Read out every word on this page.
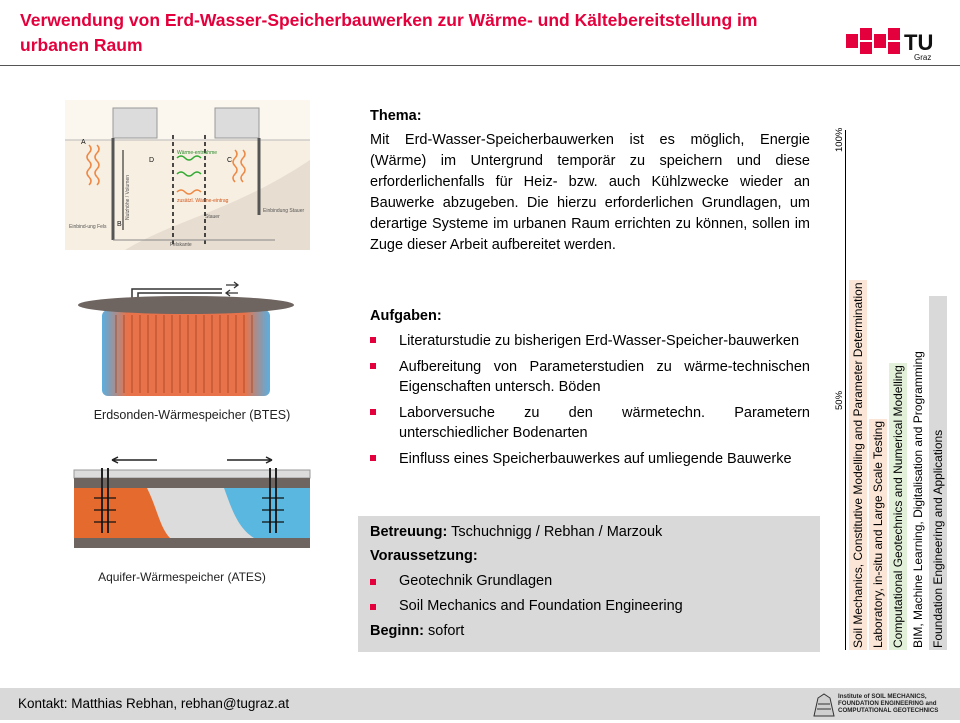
Verwendung von Erd-Wasser-Speicherbauwerken zur Wärme- und Kältebereitstellung im urbanen Raum	TU
Graz
A
B
C
D
Wärme-entnahme
zusätzl. Wärme-eintrag
Einbind-ung Fels
Einbindung Stauer
Stauer
Felskante
Nutzhöhe / Volumen
Erdsonden-Wärmespeicher (BTES)
Aquifer-Wärmespeicher (ATES)
Thema:
Mit Erd-Wasser-Speicherbauwerken ist es möglich, Energie (Wärme) im Untergrund temporär zu speichern und diese erforderlichenfalls für Heiz- bzw. auch Kühlzwecke wieder an Bauwerke abzugeben. Die hierzu erforderlichen Grundlagen, um derartige Systeme im urbanen Raum errichten zu können, sollen im Zuge dieser Arbeit aufbereitet werden.
Aufgaben:
Literaturstudie zu bisherigen Erd-Wasser-Speicher-bauwerken
Aufbereitung von Parameterstudien zu wärme-technischen Eigenschaften untersch. Böden
Laborversuche zu den wärmetechn. Parametern unterschiedlicher Bodenarten
Einfluss eines Speicherbauwerkes auf umliegende Bauwerke
Betreuung: Tschuchnigg / Rebhan / Marzouk
Voraussetzung:
Geotechnik Grundlagen
Soil Mechanics and Foundation Engineering
Beginn: sofort
100%
50% Soil Mechanics, Constitutive Modelling and Parameter Determination Laboratory, in-situ and Large Scale Testing Computational Geotechnics and Numerical Modelling BIM, Machine Learning, Digitalisation and Programming Foundation Engineering and Applications
Kontakt: Matthias Rebhan, rebhan@tugraz.at	Institute of SOIL MECHANICS,
FOUNDATION ENGINEERING and
COMPUTATIONAL GEOTECHNICS
